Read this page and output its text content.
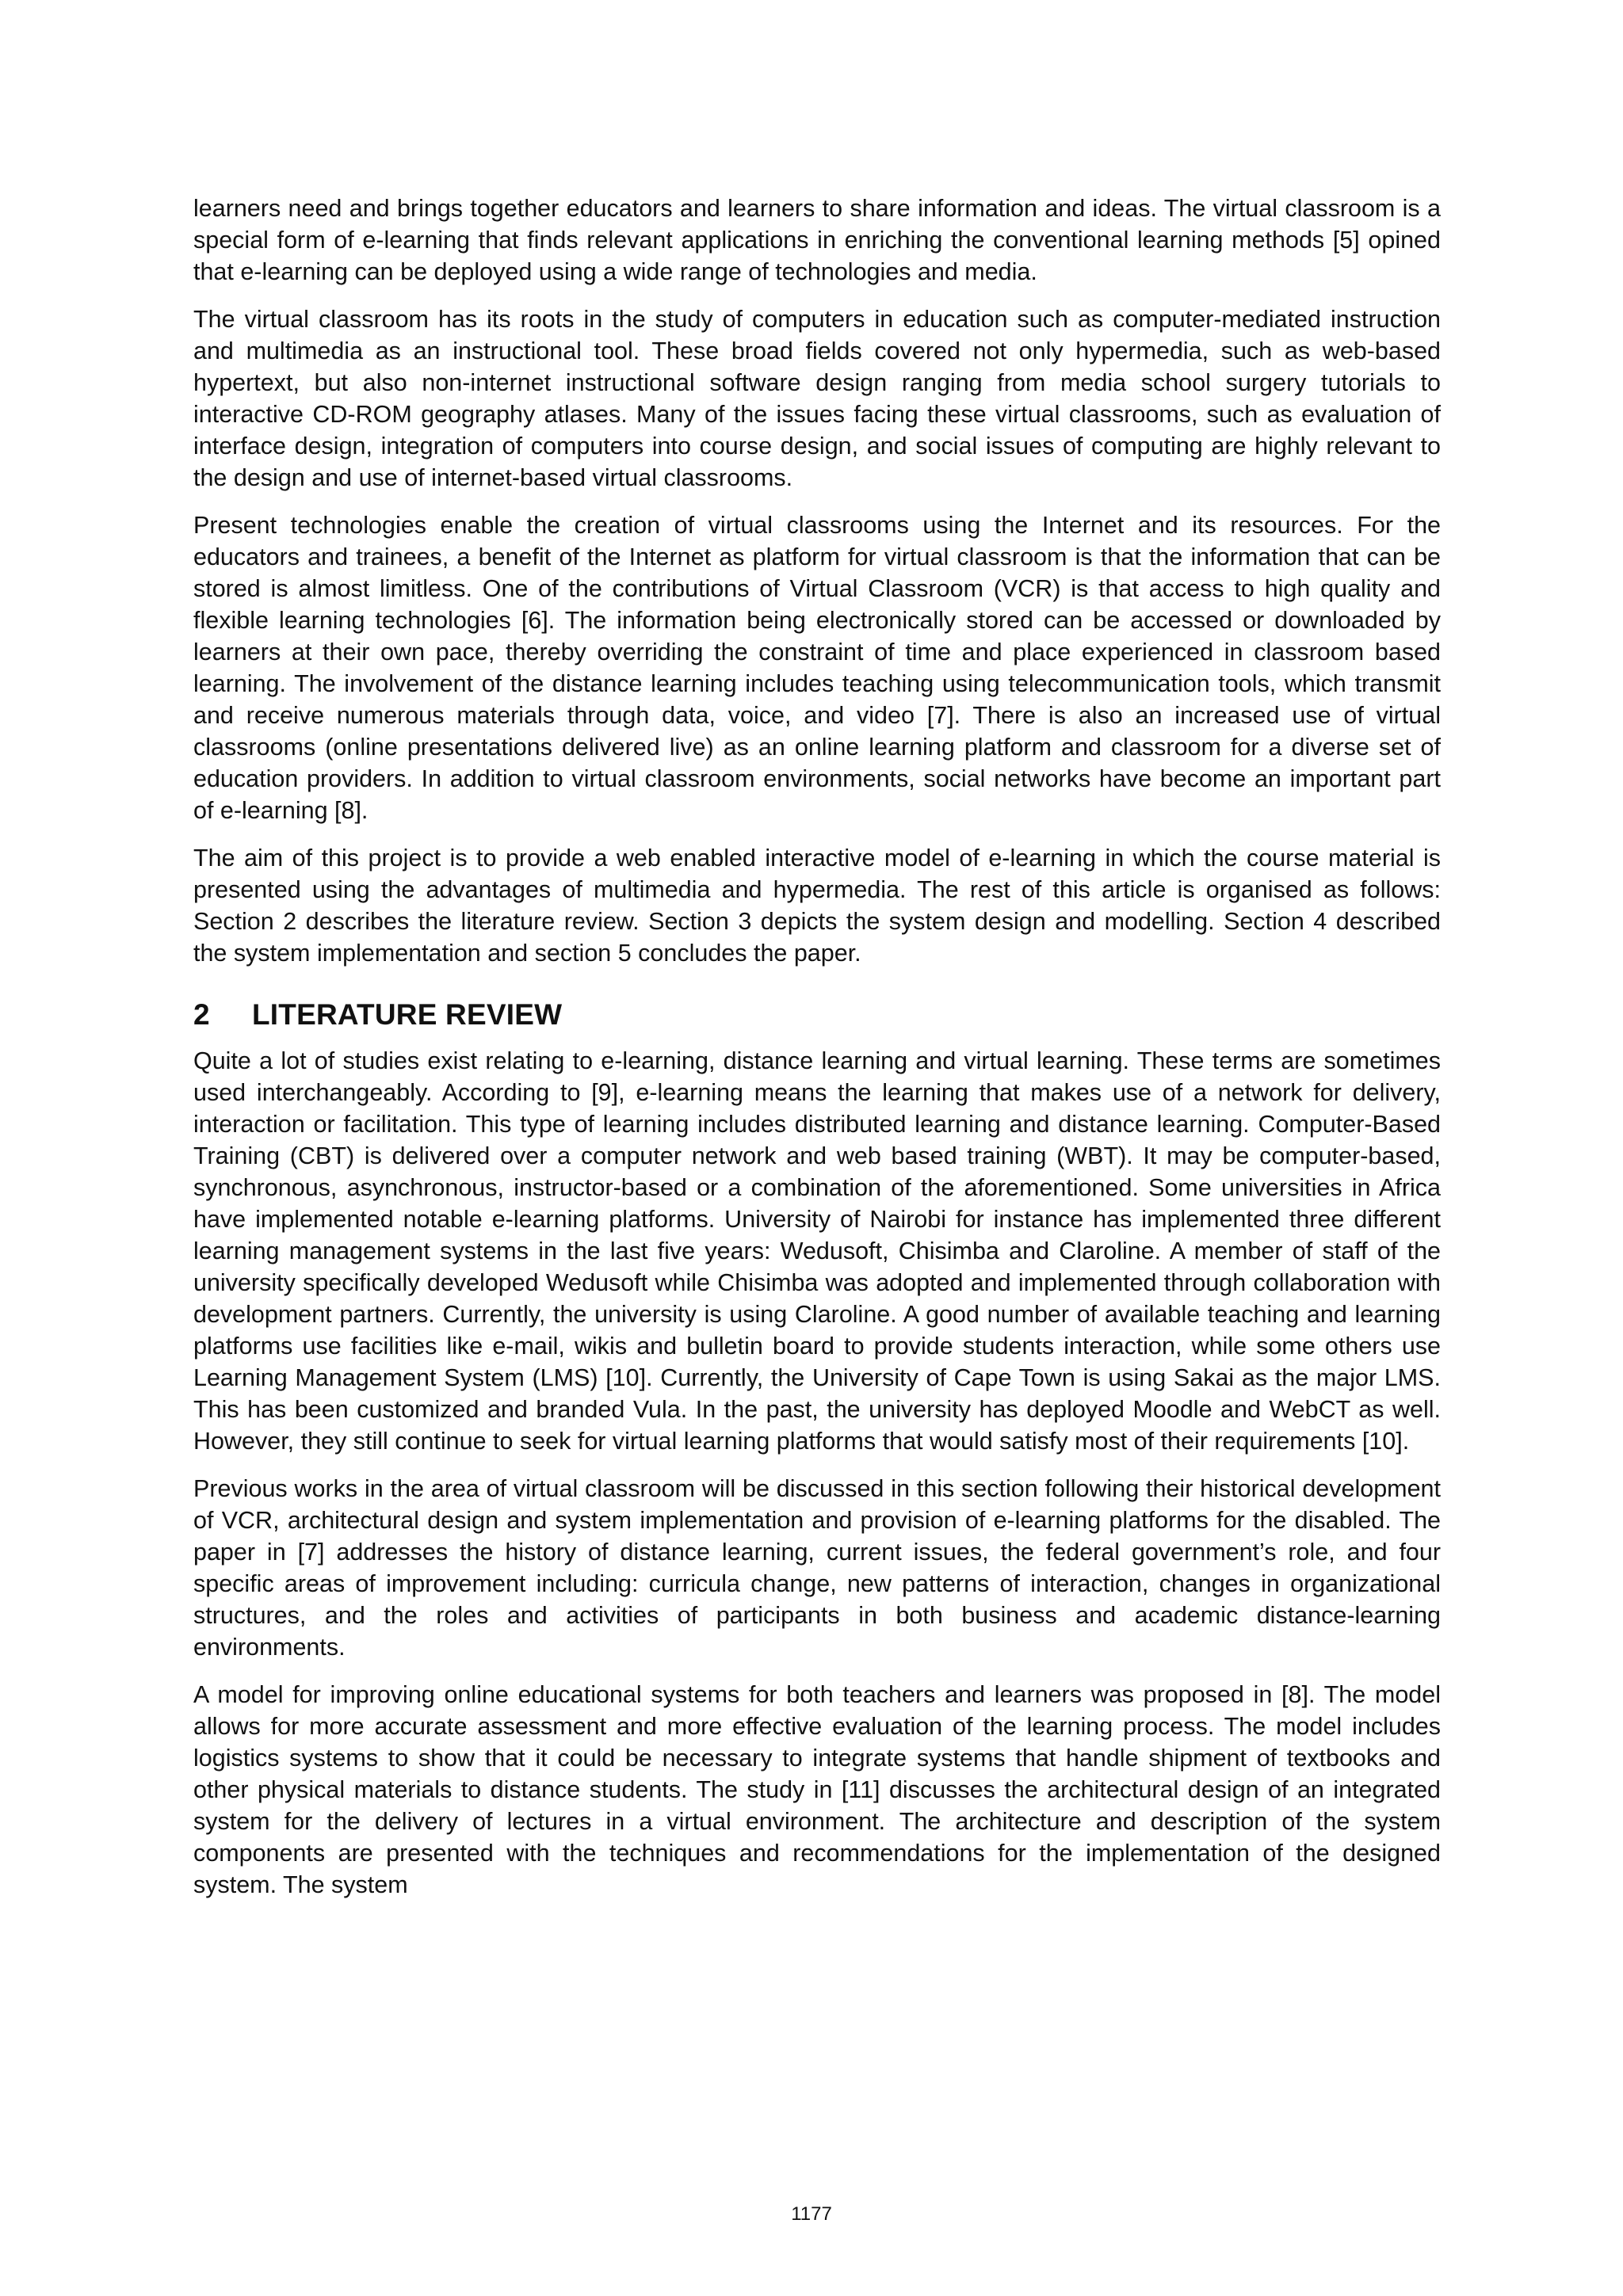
learners need and brings together educators and learners to share information and ideas. The virtual classroom is a special form of e-learning that finds relevant applications in enriching the conventional learning methods [5] opined that e-learning can be deployed using a wide range of technologies and media.

The virtual classroom has its roots in the study of computers in education such as computer-mediated instruction and multimedia as an instructional tool. These broad fields covered not only hypermedia, such as web-based hypertext, but also non-internet instructional software design ranging from media school surgery tutorials to interactive CD-ROM geography atlases. Many of the issues facing these virtual classrooms, such as evaluation of interface design, integration of computers into course design, and social issues of computing are highly relevant to the design and use of internet-based virtual classrooms.

Present technologies enable the creation of virtual classrooms using the Internet and its resources. For the educators and trainees, a benefit of the Internet as platform for virtual classroom is that the information that can be stored is almost limitless. One of the contributions of Virtual Classroom (VCR) is that access to high quality and flexible learning technologies [6]. The information being electronically stored can be accessed or downloaded by learners at their own pace, thereby overriding the constraint of time and place experienced in classroom based learning. The involvement of the distance learning includes teaching using telecommunication tools, which transmit and receive numerous materials through data, voice, and video [7]. There is also an increased use of virtual classrooms (online presentations delivered live) as an online learning platform and classroom for a diverse set of education providers. In addition to virtual classroom environments, social networks have become an important part of e-learning [8].

The aim of this project is to provide a web enabled interactive model of e-learning in which the course material is presented using the advantages of multimedia and hypermedia. The rest of this article is organised as follows: Section 2 describes the literature review. Section 3 depicts the system design and modelling. Section 4 described the system implementation and section 5 concludes the paper.

2 LITERATURE REVIEW

Quite a lot of studies exist relating to e-learning, distance learning and virtual learning. These terms are sometimes used interchangeably. According to [9], e-learning means the learning that makes use of a network for delivery, interaction or facilitation. This type of learning includes distributed learning and distance learning. Computer-Based Training (CBT) is delivered over a computer network and web based training (WBT). It may be computer-based, synchronous, asynchronous, instructor-based or a combination of the aforementioned. Some universities in Africa have implemented notable e-learning platforms. University of Nairobi for instance has implemented three different learning management systems in the last five years: Wedusoft, Chisimba and Claroline. A member of staff of the university specifically developed Wedusoft while Chisimba was adopted and implemented through collaboration with development partners. Currently, the university is using Claroline. A good number of available teaching and learning platforms use facilities like e-mail, wikis and bulletin board to provide students interaction, while some others use Learning Management System (LMS) [10]. Currently, the University of Cape Town is using Sakai as the major LMS. This has been customized and branded Vula. In the past, the university has deployed Moodle and WebCT as well. However, they still continue to seek for virtual learning platforms that would satisfy most of their requirements [10].

Previous works in the area of virtual classroom will be discussed in this section following their historical development of VCR, architectural design and system implementation and provision of e-learning platforms for the disabled. The paper in [7] addresses the history of distance learning, current issues, the federal government’s role, and four specific areas of improvement including: curricula change, new patterns of interaction, changes in organizational structures, and the roles and activities of participants in both business and academic distance-learning environments.

A model for improving online educational systems for both teachers and learners was proposed in [8]. The model allows for more accurate assessment and more effective evaluation of the learning process. The model includes logistics systems to show that it could be necessary to integrate systems that handle shipment of textbooks and other physical materials to distance students. The study in [11] discusses the architectural design of an integrated system for the delivery of lectures in a virtual environment. The architecture and description of the system components are presented with the techniques and recommendations for the implementation of the designed system. The system

1177
